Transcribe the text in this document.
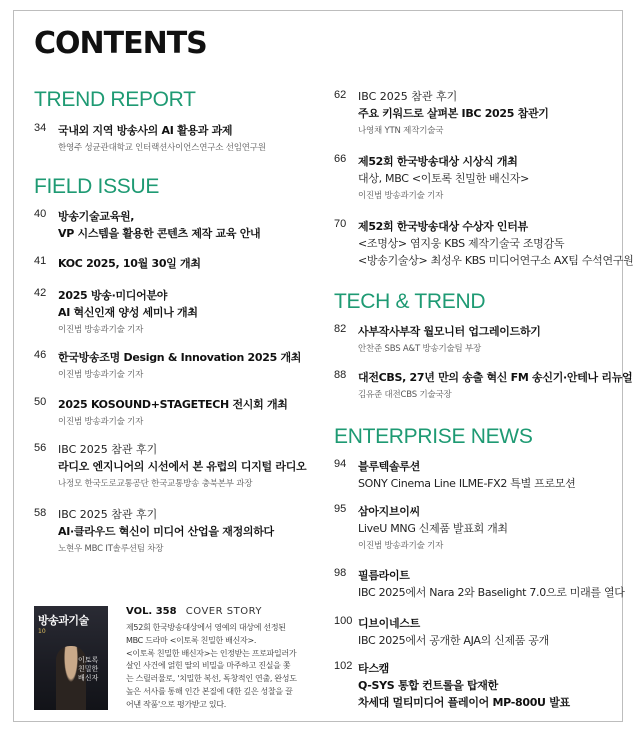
CONTENTS
TREND REPORT
34	국내외 지역 방송사의 AI 활용과 과제
한영주 성균관대학교 인터랙션사이언스연구소 선임연구원
FIELD ISSUE
40	방송기술교육원,
VP 시스템을 활용한 콘텐츠 제작 교육 안내
41	KOC 2025, 10월 30일 개최
42	2025 방송·미디어분야
AI 혁신인재 양성 세미나 개최
이진범 방송과기술 기자
46	한국방송조명 Design & Innovation 2025 개최
이진범 방송과기술 기자
50	2025 KOSOUND+STAGETECH 전시회 개최
이진범 방송과기술 기자
56	IBC 2025 참관 후기
라디오 엔지니어의 시선에서 본 유럽의 디지털 라디오
나정모 한국도로교통공단 한국교통방송 충북본부 과장
58	IBC 2025 참관 후기
AI·클라우드 혁신이 미디어 산업을 재정의하다
노현우 MBC IT솔루션팀 차장
방송과기술
10
이토록 친밀한 배신자
VOL. 358 COVER STORY

제52회 한국방송대상에서 영예의 대상에 선정된

MBC 드라마 <이토록 친밀한 배신자>.

<이토록 친밀한 배신자>는 인정받는 프로파일러가

살인 사건에 얽힌 딸의 비밀을 마주하고 진실을 쫓

는 스릴러물로, '치밀한 복선, 독창적인 연출, 완성도

높은 서사를 통해 인간 본질에 대한 깊은 성찰을 끌

어낸 작품'으로 평가받고 있다.

62	IBC 2025 참관 후기
주요 키워드로 살펴본 IBC 2025 참관기
나영채 YTN 제작기술국
66	제52회 한국방송대상 시상식 개최
대상, MBC <이토록 친밀한 배신자>
이진범 방송과기술 기자
70	제52회 한국방송대상 수상자 인터뷰
<조명상> 염지웅 KBS 제작기술국 조명감독
<방송기술상> 최성우 KBS 미디어연구소 AX팀 수석연구원
TECH & TREND
82	사부작사부작 월모니터 업그레이드하기
안찬준 SBS A&T 방송기술팀 부장
88	대전CBS, 27년 만의 송출 혁신 FM 송신기·안테나 리뉴얼
김유준 대전CBS 기술국장
ENTERPRISE NEWS
94	블루텍솔루션
SONY Cinema Line ILME-FX2 특별 프로모션
95	삼아지브이씨
LiveU MNG 신제품 발표회 개최
이진범 방송과기술 기자
98	필름라이트
IBC 2025에서 Nara 2와 Baselight 7.0으로 미래를 열다
100 디브이네스트
IBC 2025에서 공개한 AJA의 신제품 공개
102 타스캠
Q-SYS 통합 컨트롤을 탑재한
차세대 멀티미디어 플레이어 MP-800U 발표
